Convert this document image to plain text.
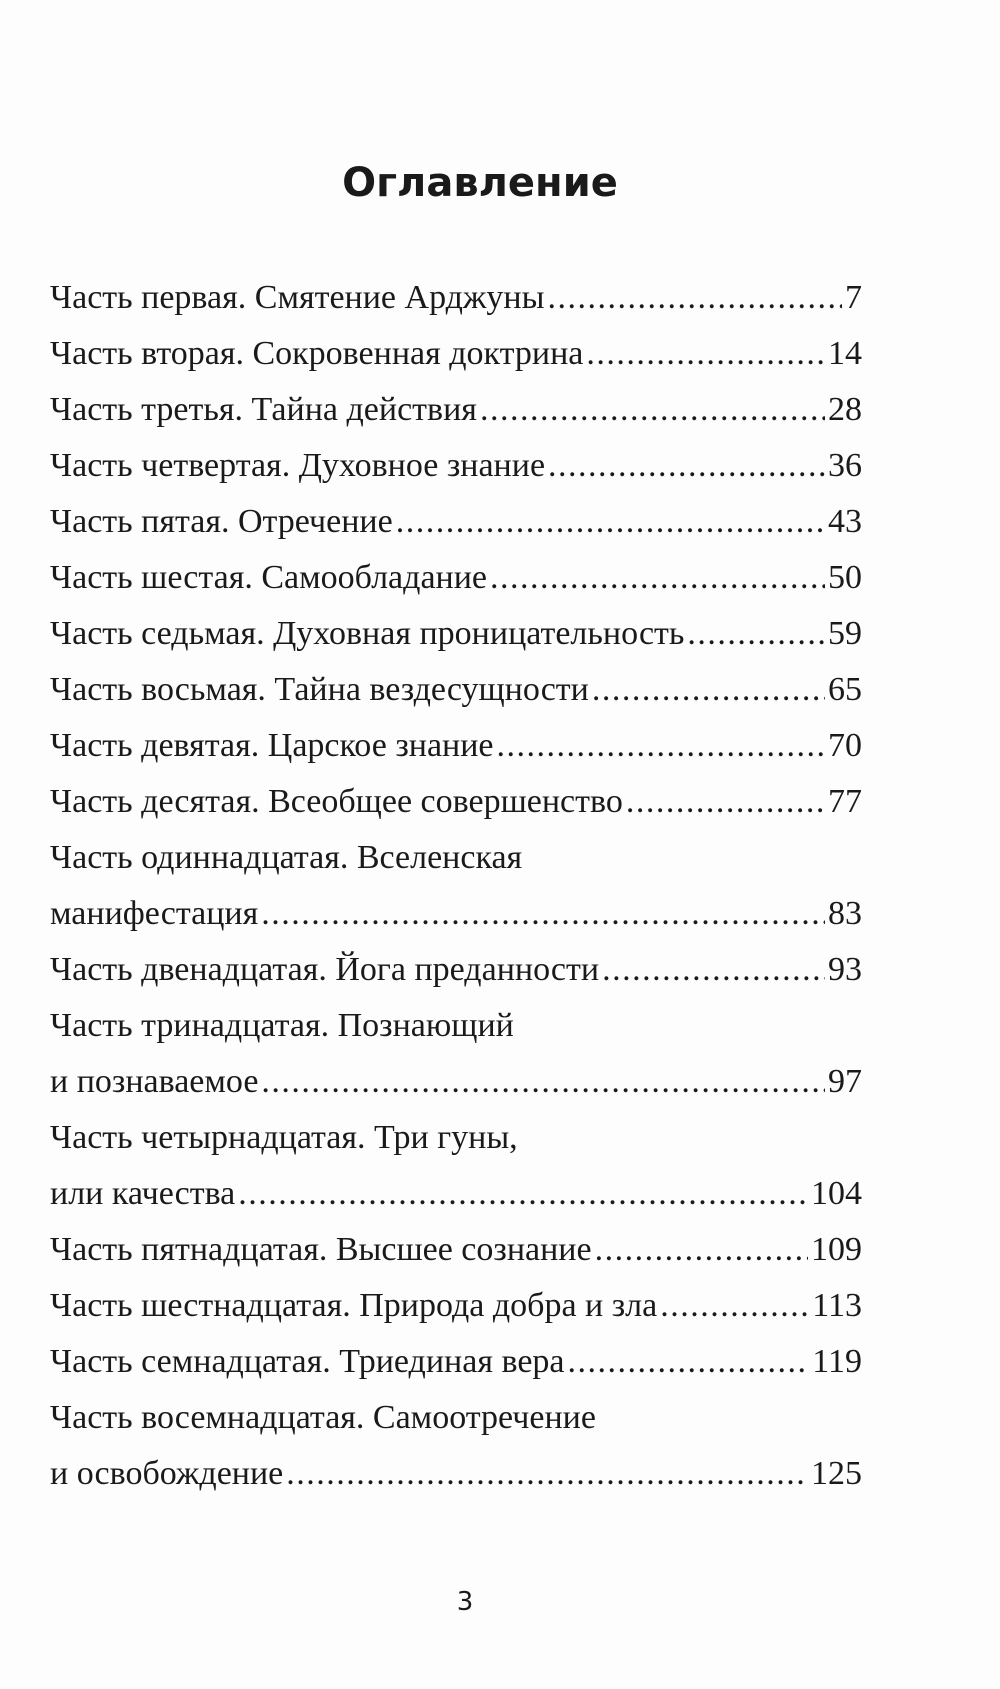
Оглавление
Часть первая. Смятение Арджуны .....	7
Часть вторая. Сокровенная доктрина .....	14
Часть третья. Тайна действия .....	28
Часть четвертая. Духовное знание .....	36
Часть пятая. Отречение .....	43
Часть шестая. Самообладание .....	50
Часть седьмая. Духовная проницательность .....	59
Часть восьмая. Тайна вездесущности .....	65
Часть девятая. Царское знание .....	70
Часть десятая. Всеобщее совершенство .....	77
Часть одиннадцатая. Вселенская
манифестация .....	83
Часть двенадцатая. Йога преданности .....	93
Часть тринадцатая. Познающий
и познаваемое .....	97
Часть четырнадцатая. Три гуны,
или качества .....	104
Часть пятнадцатая. Высшее сознание .....	109
Часть шестнадцатая. Природа добра и зла .....	113
Часть семнадцатая. Триединая вера .....	119
Часть восемнадцатая. Самоотречение
и освобождение .....	125
3
